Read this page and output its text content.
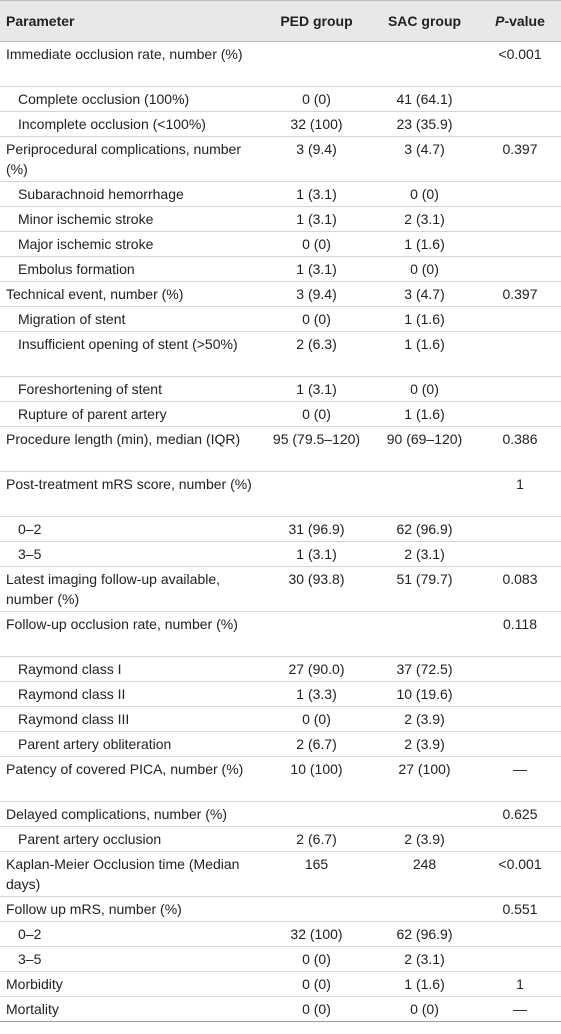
Parameter	PED group	SAC group	P-value
Immediate occlusion rate, number (%)			<0.001
Complete occlusion (100%)	0 (0)	41 (64.1)	
Incomplete occlusion (<100%)	32 (100)	23 (35.9)	
Periprocedural complications, number (%)	3 (9.4)	3 (4.7)	0.397
Subarachnoid hemorrhage	1 (3.1)	0 (0)	
Minor ischemic stroke	1 (3.1)	2 (3.1)	
Major ischemic stroke	0 (0)	1 (1.6)	
Embolus formation	1 (3.1)	0 (0)	
Technical event, number (%)	3 (9.4)	3 (4.7)	0.397
Migration of stent	0 (0)	1 (1.6)	
Insufficient opening of stent (>50%)	2 (6.3)	1 (1.6)	
Foreshortening of stent	1 (3.1)	0 (0)	
Rupture of parent artery	0 (0)	1 (1.6)	
Procedure length (min), median (IQR)	95 (79.5–120)	90 (69–120)	0.386
Post-treatment mRS score, number (%)			1
0–2	31 (96.9)	62 (96.9)	
3–5	1 (3.1)	2 (3.1)	
Latest imaging follow-up available, number (%)	30 (93.8)	51 (79.7)	0.083
Follow-up occlusion rate, number (%)			0.118
Raymond class I	27 (90.0)	37 (72.5)	
Raymond class II	1 (3.3)	10 (19.6)	
Raymond class III	0 (0)	2 (3.9)	
Parent artery obliteration	2 (6.7)	2 (3.9)	
Patency of covered PICA, number (%)	10 (100)	27 (100)	—
Delayed complications, number (%)			0.625
Parent artery occlusion	2 (6.7)	2 (3.9)	
Kaplan-Meier Occlusion time (Median days)	165	248	<0.001
Follow up mRS, number (%)			0.551
0–2	32 (100)	62 (96.9)	
3–5	0 (0)	2 (3.1)	
Morbidity	0 (0)	1 (1.6)	1
Mortality	0 (0)	0 (0)	—
